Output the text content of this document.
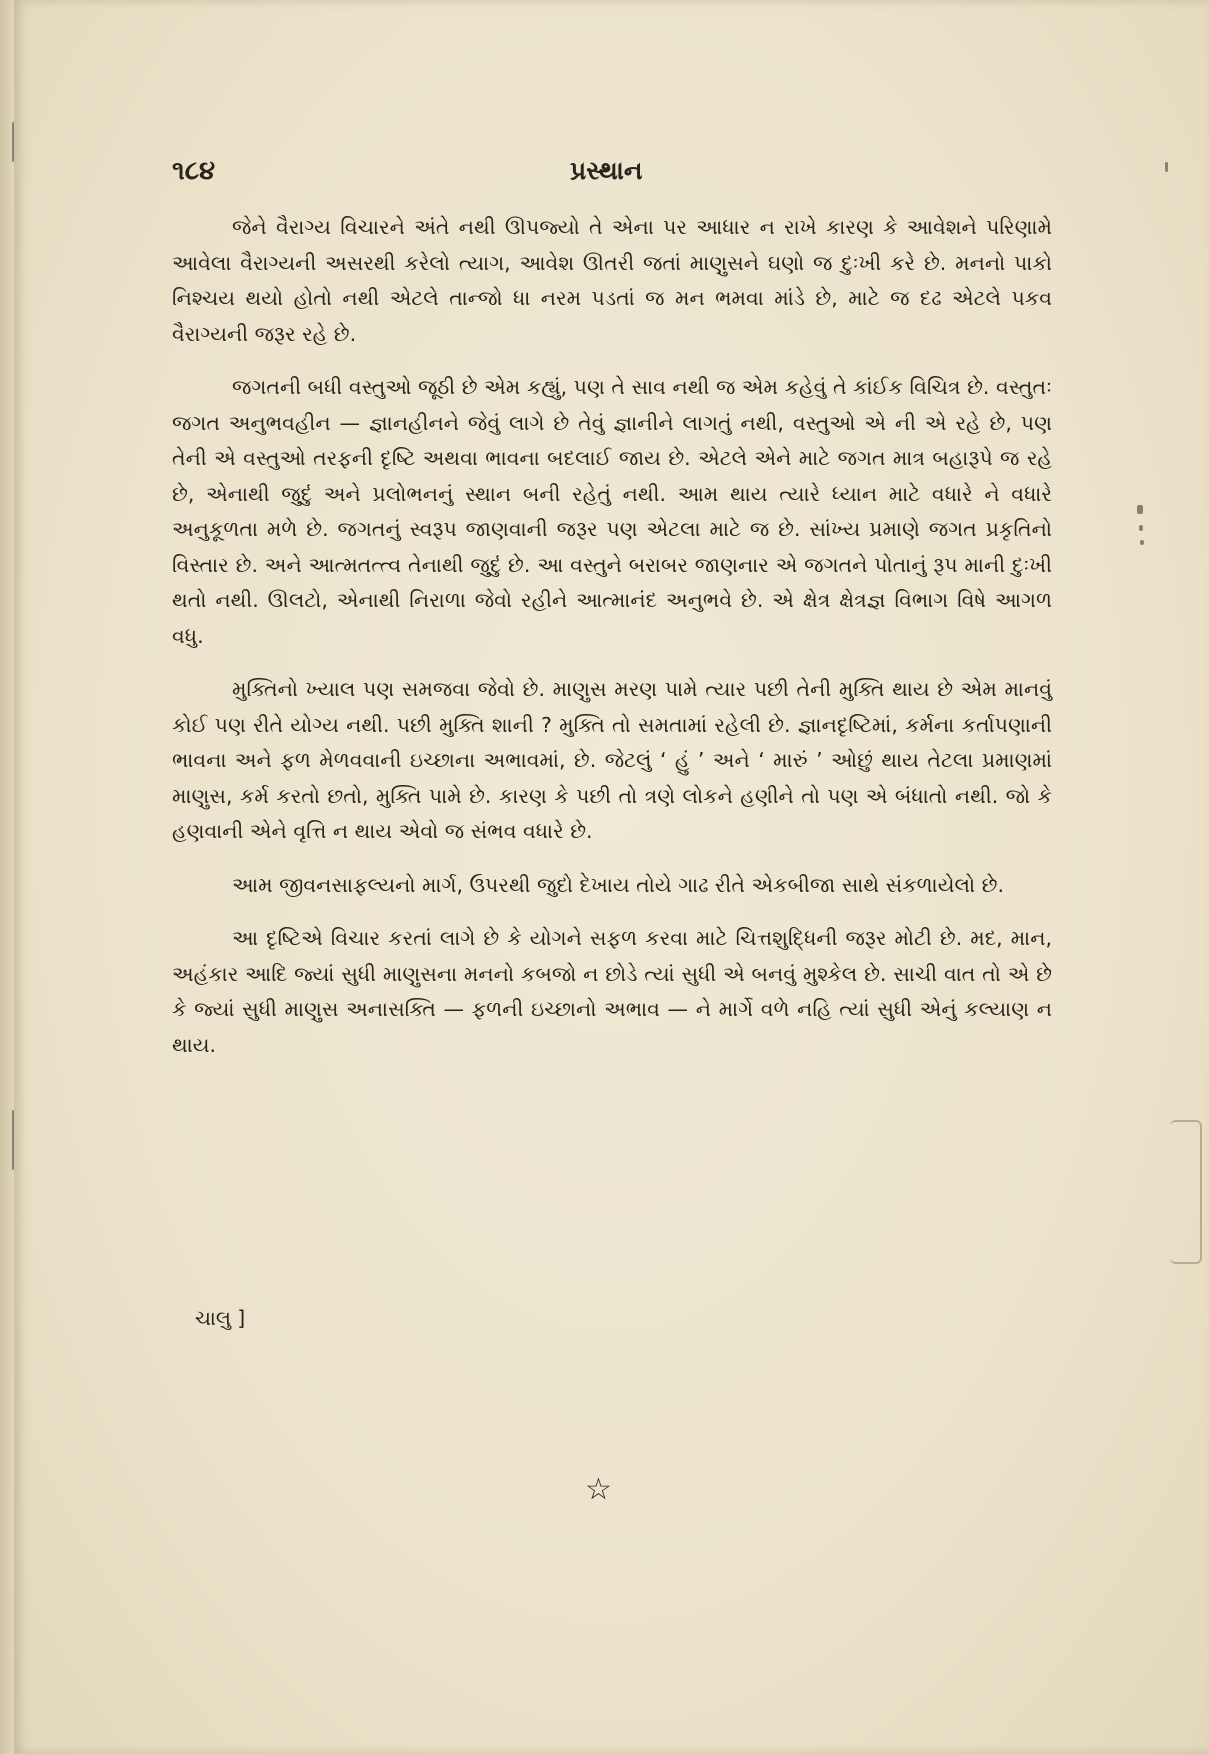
૧૮૪	પ્રસ્થાન

જેને વૈરાગ્ય વિચારને અંતે નથી ઊપજ્યો તે એના પર આધાર ન રાખે કારણ કે આવેશને પરિણામે આવેલા વૈરાગ્યની અસરથી કરેલો ત્યાગ, આવેશ ઊતરી જતાં માણુસને ઘણો જ દુઃખી કરે છે. મનનો પાકો નિશ્ચય થયો હોતો નથી એટલે તાન્જો ધા નરમ પડતાં જ મન ભમવા માંડે છે, માટે જ દઢ એટલે પકવ વૈરાગ્યની જરૂર રહે છે.

જગતની બધી વસ્તુઓ જૂઠી છે એમ કહ્યું, પણ તે સાવ નથી જ એમ કહેવું તે કાંઈક વિચિત્ર છે. વસ્તુતઃ જગત અનુભવહીન — જ્ઞાનહીનને જેવું લાગે છે તેવું જ્ઞાનીને લાગતું નથી, વસ્તુઓ એ ની એ રહે છે, પણ તેની એ વસ્તુઓ તરફની દૃષ્ટિ અથવા ભાવના બદલાઈ જાય છે. એટલે એને માટે જગત માત્ર બહારૂપે જ રહે છે, એનાથી જુદું અને પ્રલોભનનું સ્થાન બની રહેતું નથી. આમ થાય ત્યારે ધ્યાન માટે વધારે ને વધારે અનુકૂળતા મળે છે. જગતનું સ્વરૂપ જાણવાની જરૂર પણ એટલા માટે જ છે. સાંખ્ય પ્રમાણે જગત પ્રકૃતિનો વિસ્તાર છે. અને આત્મતત્ત્વ તેનાથી જુદું છે. આ વસ્તુને બરાબર જાણનાર એ જગતને પોતાનું રૂપ માની દુઃખી થતો નથી. ઊલટો, એનાથી નિરાળા જેવો રહીને આત્માનંદ અનુભવે છે. એ ક્ષેત્ર ક્ષેત્રજ્ઞ વિભાગ વિષે આગળ વધુ.

મુક્તિનો ખ્યાલ પણ સમજવા જેવો છે. માણુસ મરણ પામે ત્યાર પછી તેની મુક્તિ થાય છે એમ માનવું કોઈ પણ રીતે યોગ્ય નથી. પછી મુક્તિ શાની ? મુક્તિ તો સમતામાં રહેલી છે. જ્ઞાનદૃષ્ટિમાં, કર્મના કર્તાપણાની ભાવના અને ફળ મેળવવાની ઇચ્છાના અભાવમાં, છે. જેટલું ‘ હું ’ અને ‘ મારું ’ ઓછું થાય તેટલા પ્રમાણમાં માણુસ, કર્મ કરતો છતો, મુક્તિ પામે છે. કારણ કે પછી તો ત્રણે લોકને હણીને તો પણ એ બંધાતો નથી. જો કે હણવાની એને વૃત્તિ ન થાય એવો જ સંભવ વધારે છે.

આમ જીવનસાફલ્યનો માર્ગ, ઉપરથી જુદો દેખાય તોયે ગાઢ રીતે એકબીજા સાથે સંકળાયેલો છે.

આ દૃષ્ટિએ વિચાર કરતાં લાગે છે કે યોગને સફળ કરવા માટે ચિત્તશુદ્ધિની જરૂર મોટી છે. મદ, માન, અહંકાર આદિ જ્યાં સુધી માણુસના મનનો કબજો ન છોડે ત્યાં સુધી એ બનવું મુશ્કેલ છે. સાચી વાત તો એ છે કે જ્યાં સુધી માણુસ અનાસક્તિ — ફળની ઇચ્છાનો અભાવ — ને માર્ગે વળે નહિ ત્યાં સુધી એનું કલ્યાણ ન થાય.

ચાલુ ]
☆
